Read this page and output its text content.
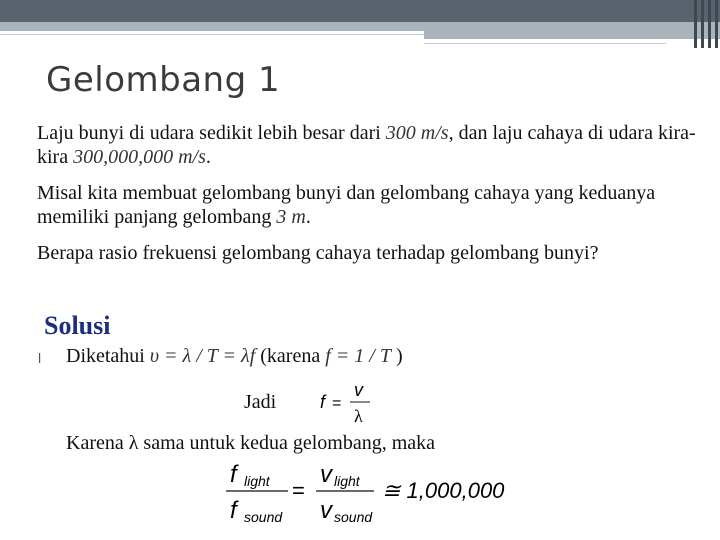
Gelombang 1
Laju bunyi di udara sedikit lebih besar dari 300 m/s, dan laju cahaya di udara kira-kira 300,000,000 m/s.
Misal kita membuat gelombang bunyi dan gelombang cahaya yang keduanya memiliki panjang gelombang 3 m.
Berapa rasio frekuensi gelombang cahaya terhadap gelombang bunyi?
Solusi
l Diketahui υ = λ / T = λf (karena f = 1 / T )
Jadi f =
v
λ
Karena λ sama untuk kedua gelombang, maka
f light
f sound
v light
v sound
≅ 1,000,000
=
